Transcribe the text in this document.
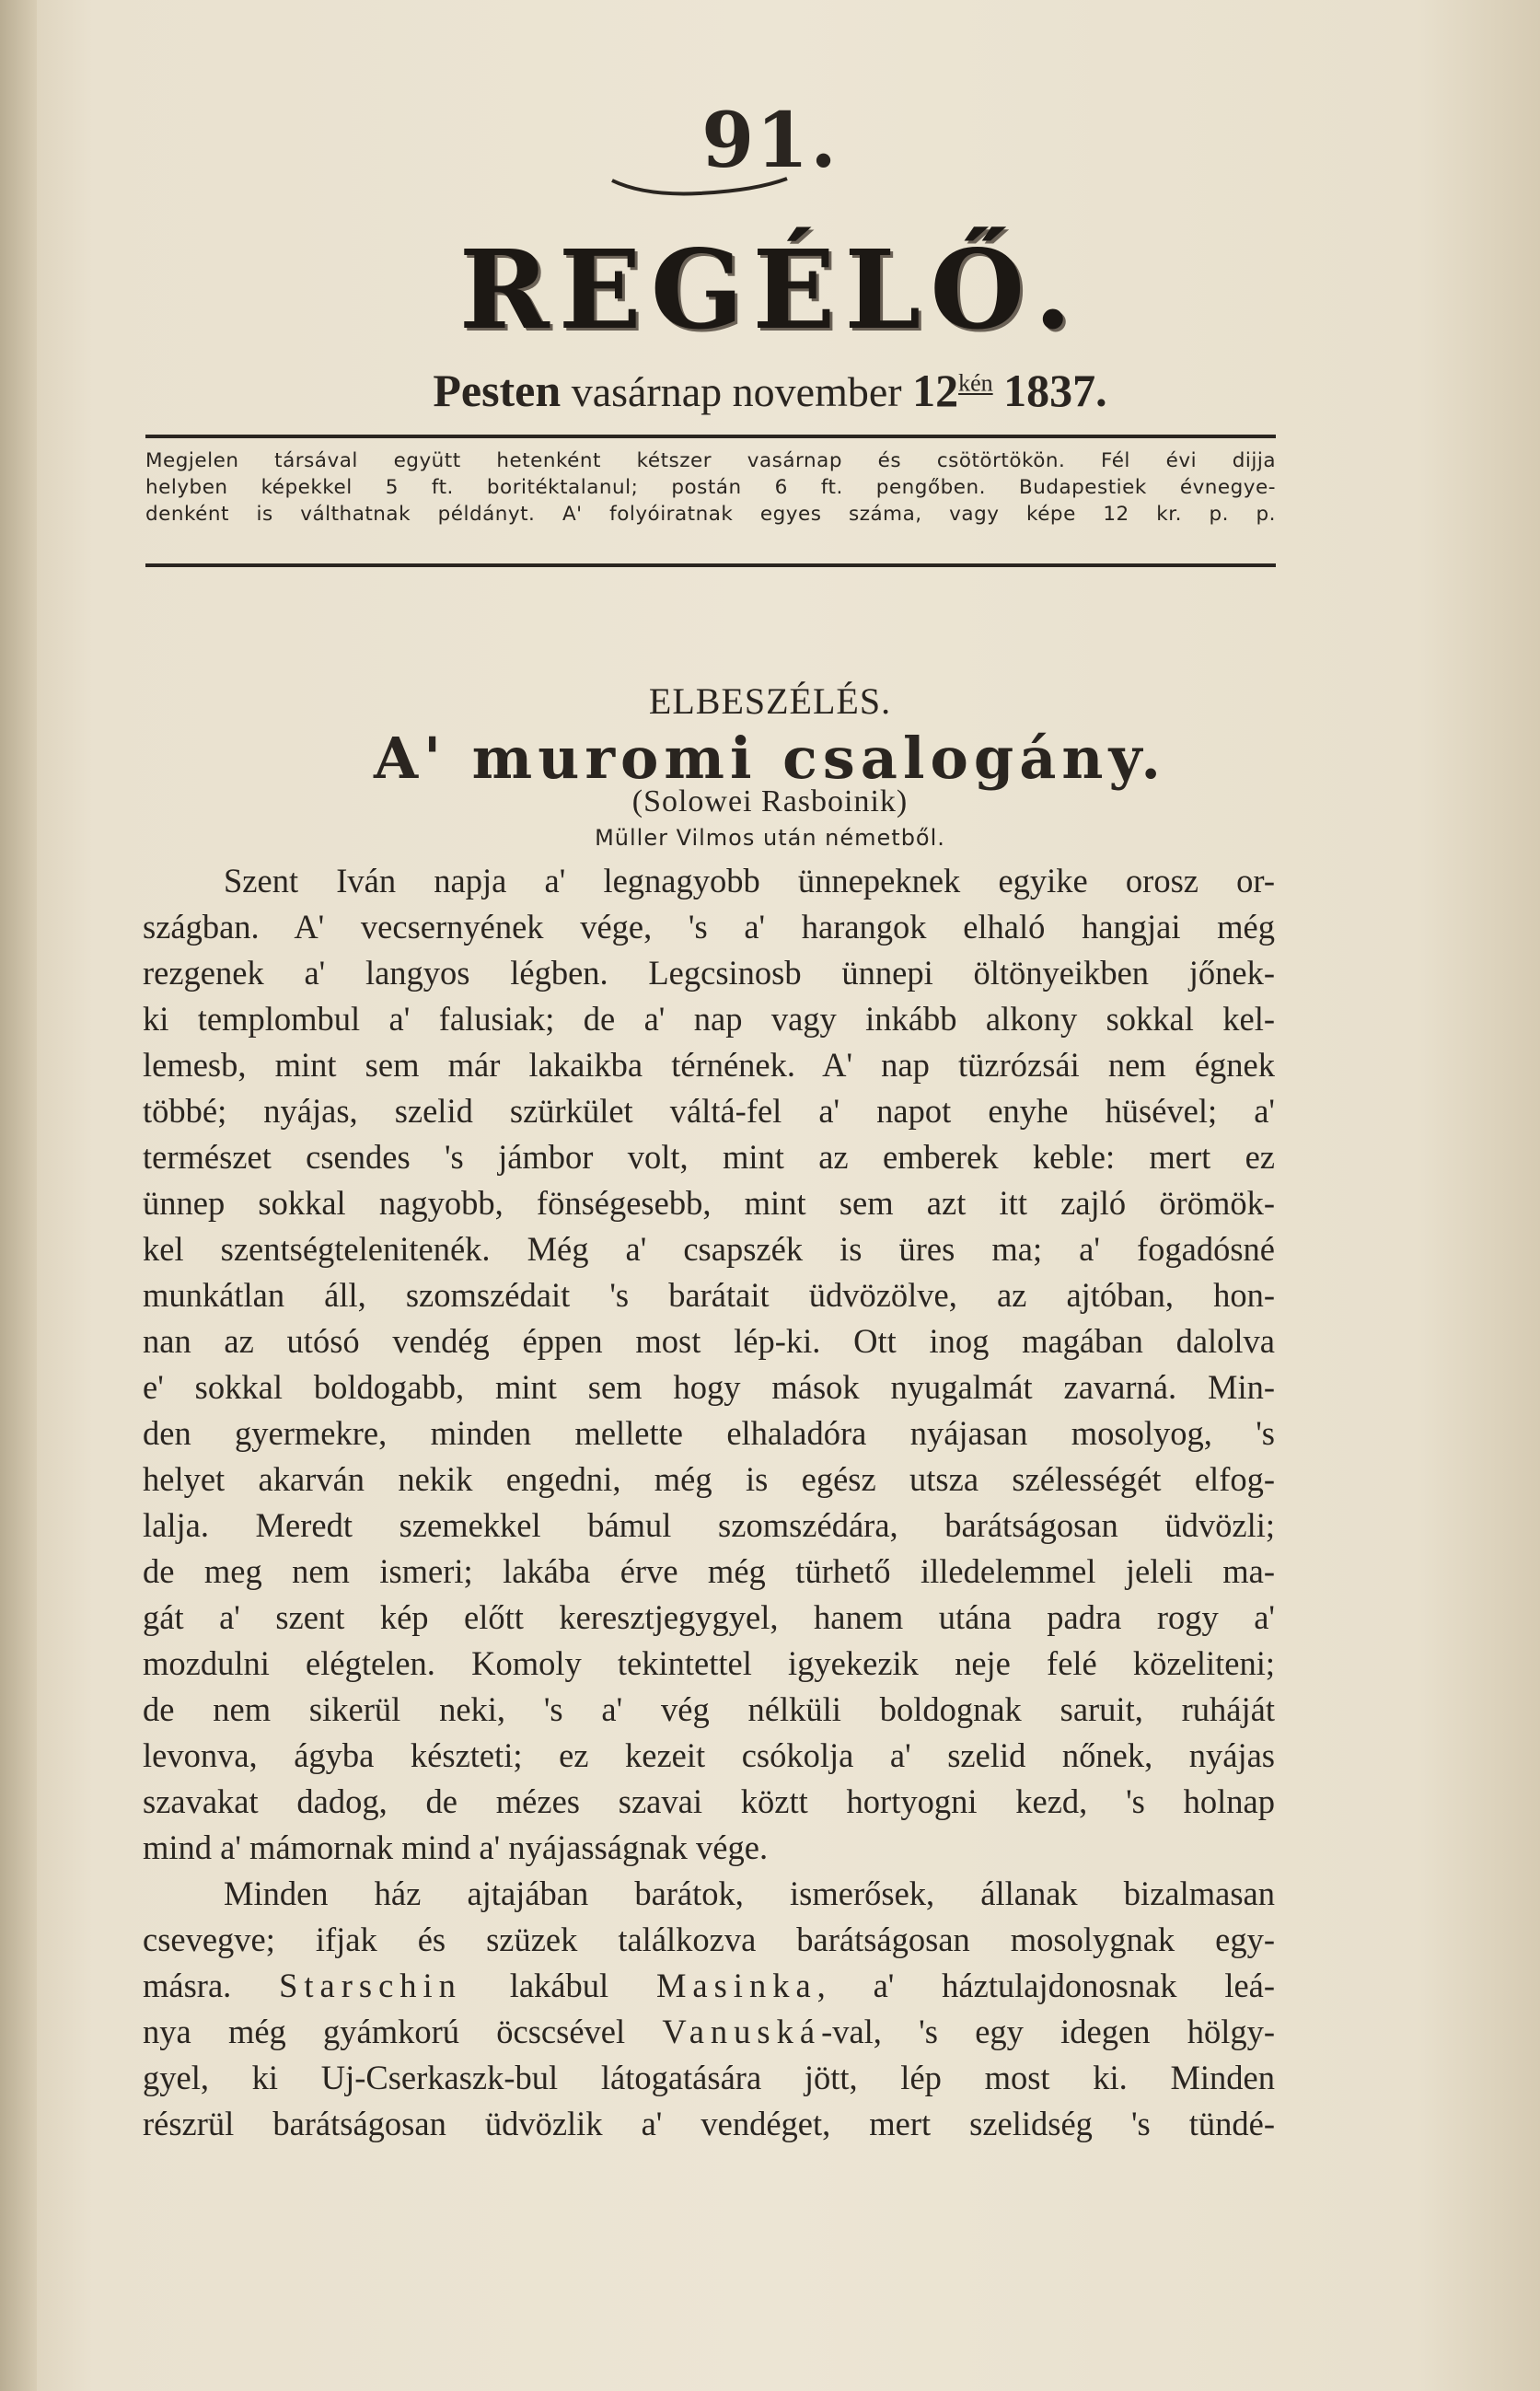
91.
REGÉLŐ.
Pesten vasárnap november $12^{kén}$ 1837.
Megjelen társával együtt hetenként kétszer vasárnap és csötörtökön. Fél évi dijja
helyben képekkel 5 ft. boritéktalanul; postán 6 ft. pengőben. Budapestiek évnegye-
denként is válthatnak példányt. A' folyóiratnak egyes száma, vagy képe 12 kr. p. p.
ELBESZÉLÉS.
A' muromi csalogány.
(Solowei Rasboinik)
Müller Vilmos után németből.
Szent Iván napja a' legnagyobb ünnepeknek egyike orosz or-
szágban. A' vecsernyének vége, 's a' harangok elhaló hangjai még
rezgenek a' langyos légben. Legcsinosb ünnepi öltönyeikben jőnek-
ki templombul a' falusiak; de a' nap vagy inkább alkony sokkal kel-
lemesb, mint sem már lakaikba térnének. A' nap tüzrózsái nem égnek
többé; nyájas, szelid szürkület váltá-fel a' napot enyhe hüsével; a'
természet csendes 's jámbor volt, mint az emberek keble: mert ez
ünnep sokkal nagyobb, fönségesebb, mint sem azt itt zajló örömök-
kel szentségtelenitenék. Még a' csapszék is üres ma; a' fogadósné
munkátlan áll, szomszédait 's barátait üdvözölve, az ajtóban, hon-
nan az utósó vendég éppen most lép-ki. Ott inog magában dalolva
e' sokkal boldogabb, mint sem hogy mások nyugalmát zavarná. Min-
den gyermekre, minden mellette elhaladóra nyájasan mosolyog, 's
helyet akarván nekik engedni, még is egész utsza szélességét elfog-
lalja. Meredt szemekkel bámul szomszédára, barátságosan üdvözli;
de meg nem ismeri; lakába érve még türhető illedelemmel jeleli ma-
gát a' szent kép előtt keresztjegygyel, hanem utána padra rogy a'
mozdulni elégtelen. Komoly tekintettel igyekezik neje felé közeliteni;
de nem sikerül neki, 's a' vég nélküli boldognak saruit, ruháját
levonva, ágyba készteti; ez kezeit csókolja a' szelid nőnek, nyájas
szavakat dadog, de mézes szavai köztt hortyogni kezd, 's holnap
mind a' mámornak mind a' nyájasságnak vége.
Minden ház ajtajában barátok, ismerősek, állanak bizalmasan
csevegve; ifjak és szüzek találkozva barátságosan mosolygnak egy-
másra. Starschin lakábul Masinka, a' háztulajdonosnak leá-
nya még gyámkorú öcscsével Vanuská-val, 's egy idegen hölgy-
gyel, ki Uj-Cserkaszk-bul látogatására jött, lép most ki. Minden
részrül barátságosan üdvözlik a' vendéget, mert szelidség 's tündé-
